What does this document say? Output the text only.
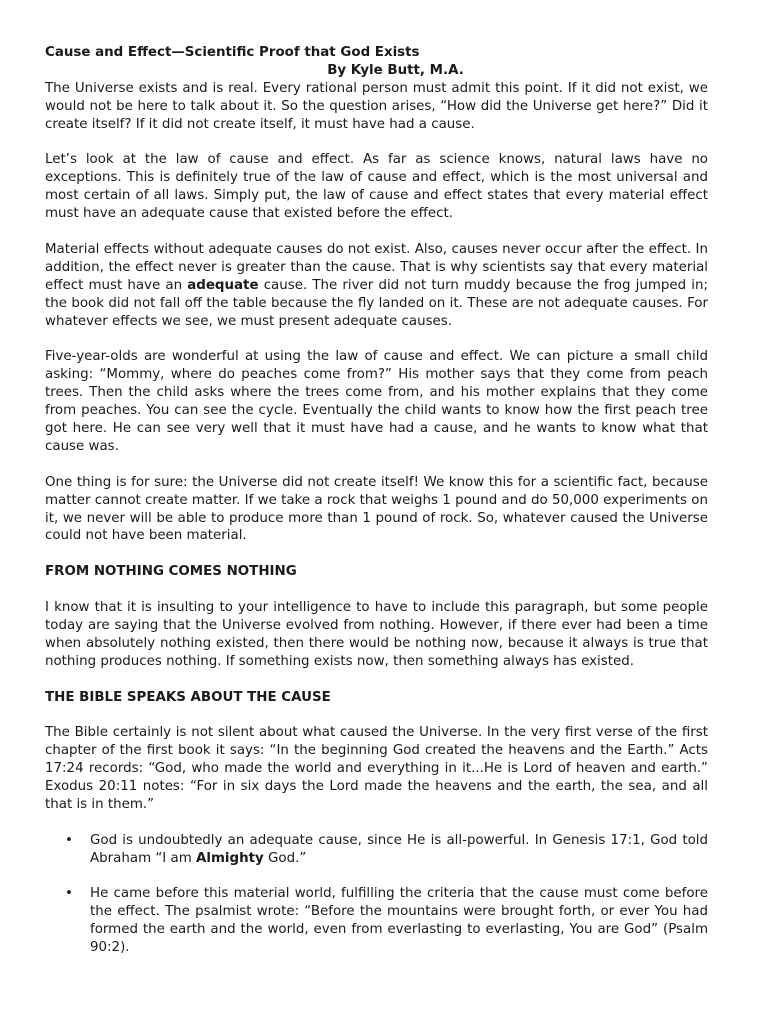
Cause and Effect—Scientific Proof that God Exists
By Kyle Butt, M.A.

The Universe exists and is real. Every rational person must admit this point. If it did not exist, we would not be here to talk about it. So the question arises, “How did the Universe get here?” Did it create itself? If it did not create itself, it must have had a cause.

Let’s look at the law of cause and effect. As far as science knows, natural laws have no exceptions. This is definitely true of the law of cause and effect, which is the most universal and most certain of all laws. Simply put, the law of cause and effect states that every material effect must have an adequate cause that existed before the effect.

Material effects without adequate causes do not exist. Also, causes never occur after the effect. In addition, the effect never is greater than the cause. That is why scientists say that every material effect must have an adequate cause. The river did not turn muddy because the frog jumped in; the book did not fall off the table because the fly landed on it. These are not adequate causes. For whatever effects we see, we must present adequate causes.

Five-year-olds are wonderful at using the law of cause and effect. We can picture a small child asking: “Mommy, where do peaches come from?” His mother says that they come from peach trees. Then the child asks where the trees come from, and his mother explains that they come from peaches. You can see the cycle. Eventually the child wants to know how the first peach tree got here. He can see very well that it must have had a cause, and he wants to know what that cause was.

One thing is for sure: the Universe did not create itself! We know this for a scientific fact, because matter cannot create matter. If we take a rock that weighs 1 pound and do 50,000 experiments on it, we never will be able to produce more than 1 pound of rock. So, whatever caused the Universe could not have been material.

FROM NOTHING COMES NOTHING

I know that it is insulting to your intelligence to have to include this paragraph, but some people today are saying that the Universe evolved from nothing. However, if there ever had been a time when absolutely nothing existed, then there would be nothing now, because it always is true that nothing produces nothing. If something exists now, then something always has existed.

THE BIBLE SPEAKS ABOUT THE CAUSE

The Bible certainly is not silent about what caused the Universe. In the very first verse of the first chapter of the first book it says: “In the beginning God created the heavens and the Earth.” Acts 17:24 records: “God, who made the world and everything in it...He is Lord of heaven and earth.” Exodus 20:11 notes: “For in six days the Lord made the heavens and the earth, the sea, and all that is in them.”

• God is undoubtedly an adequate cause, since He is all-powerful. In Genesis 17:1, God told Abraham “I am Almighty God.”
• He came before this material world, fulfilling the criteria that the cause must come before the effect. The psalmist wrote: “Before the mountains were brought forth, or ever You had formed the earth and the world, even from everlasting to everlasting, You are God” (Psalm 90:2).
